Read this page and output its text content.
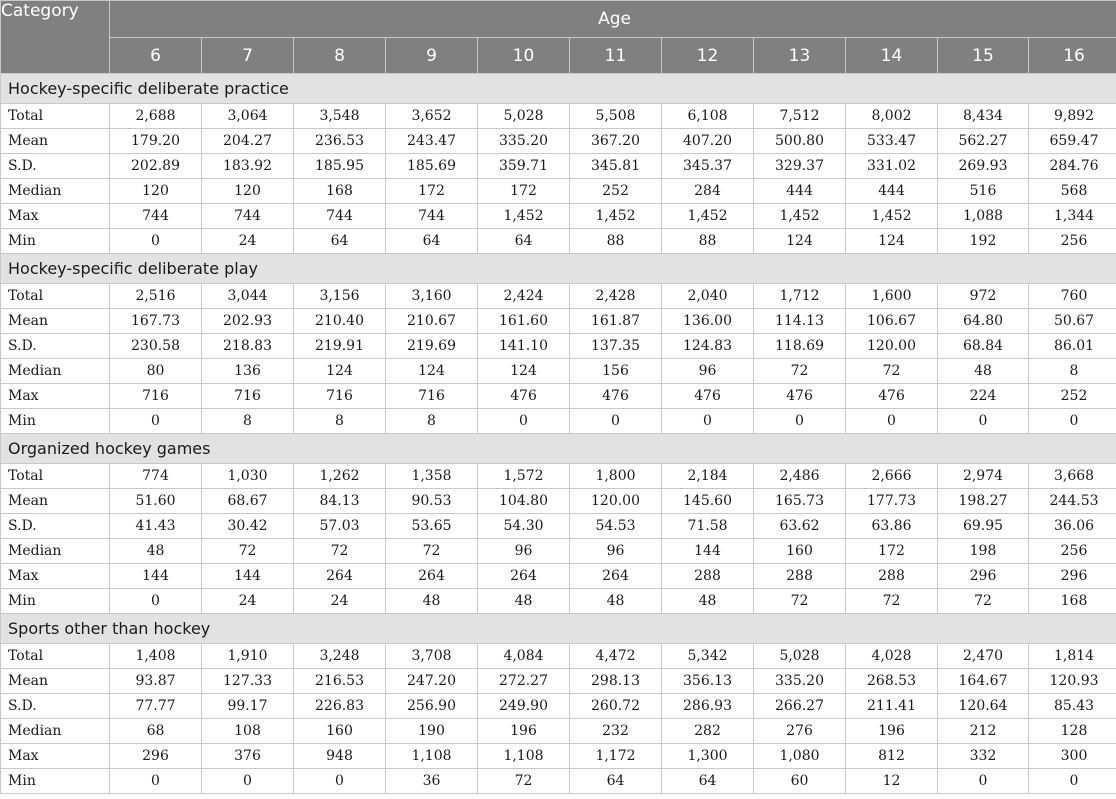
Category	Age										
	6	7	8	9	10	11	12	13	14	15	16
Hockey-specific deliberate practice											
Total	2,688	3,064	3,548	3,652	5,028	5,508	6,108	7,512	8,002	8,434	9,892
Mean	179.20	204.27	236.53	243.47	335.20	367.20	407.20	500.80	533.47	562.27	659.47
S.D.	202.89	183.92	185.95	185.69	359.71	345.81	345.37	329.37	331.02	269.93	284.76
Median	120	120	168	172	172	252	284	444	444	516	568
Max	744	744	744	744	1,452	1,452	1,452	1,452	1,452	1,088	1,344
Min	0	24	64	64	64	88	88	124	124	192	256
Hockey-specific deliberate play											
Total	2,516	3,044	3,156	3,160	2,424	2,428	2,040	1,712	1,600	972	760
Mean	167.73	202.93	210.40	210.67	161.60	161.87	136.00	114.13	106.67	64.80	50.67
S.D.	230.58	218.83	219.91	219.69	141.10	137.35	124.83	118.69	120.00	68.84	86.01
Median	80	136	124	124	124	156	96	72	72	48	8
Max	716	716	716	716	476	476	476	476	476	224	252
Min	0	8	8	8	0	0	0	0	0	0	0
Organized hockey games											
Total	774	1,030	1,262	1,358	1,572	1,800	2,184	2,486	2,666	2,974	3,668
Mean	51.60	68.67	84.13	90.53	104.80	120.00	145.60	165.73	177.73	198.27	244.53
S.D.	41.43	30.42	57.03	53.65	54.30	54.53	71.58	63.62	63.86	69.95	36.06
Median	48	72	72	72	96	96	144	160	172	198	256
Max	144	144	264	264	264	264	288	288	288	296	296
Min	0	24	24	48	48	48	48	72	72	72	168
Sports other than hockey											
Total	1,408	1,910	3,248	3,708	4,084	4,472	5,342	5,028	4,028	2,470	1,814
Mean	93.87	127.33	216.53	247.20	272.27	298.13	356.13	335.20	268.53	164.67	120.93
S.D.	77.77	99.17	226.83	256.90	249.90	260.72	286.93	266.27	211.41	120.64	85.43
Median	68	108	160	190	196	232	282	276	196	212	128
Max	296	376	948	1,108	1,108	1,172	1,300	1,080	812	332	300
Min	0	0	0	36	72	64	64	60	12	0	0
